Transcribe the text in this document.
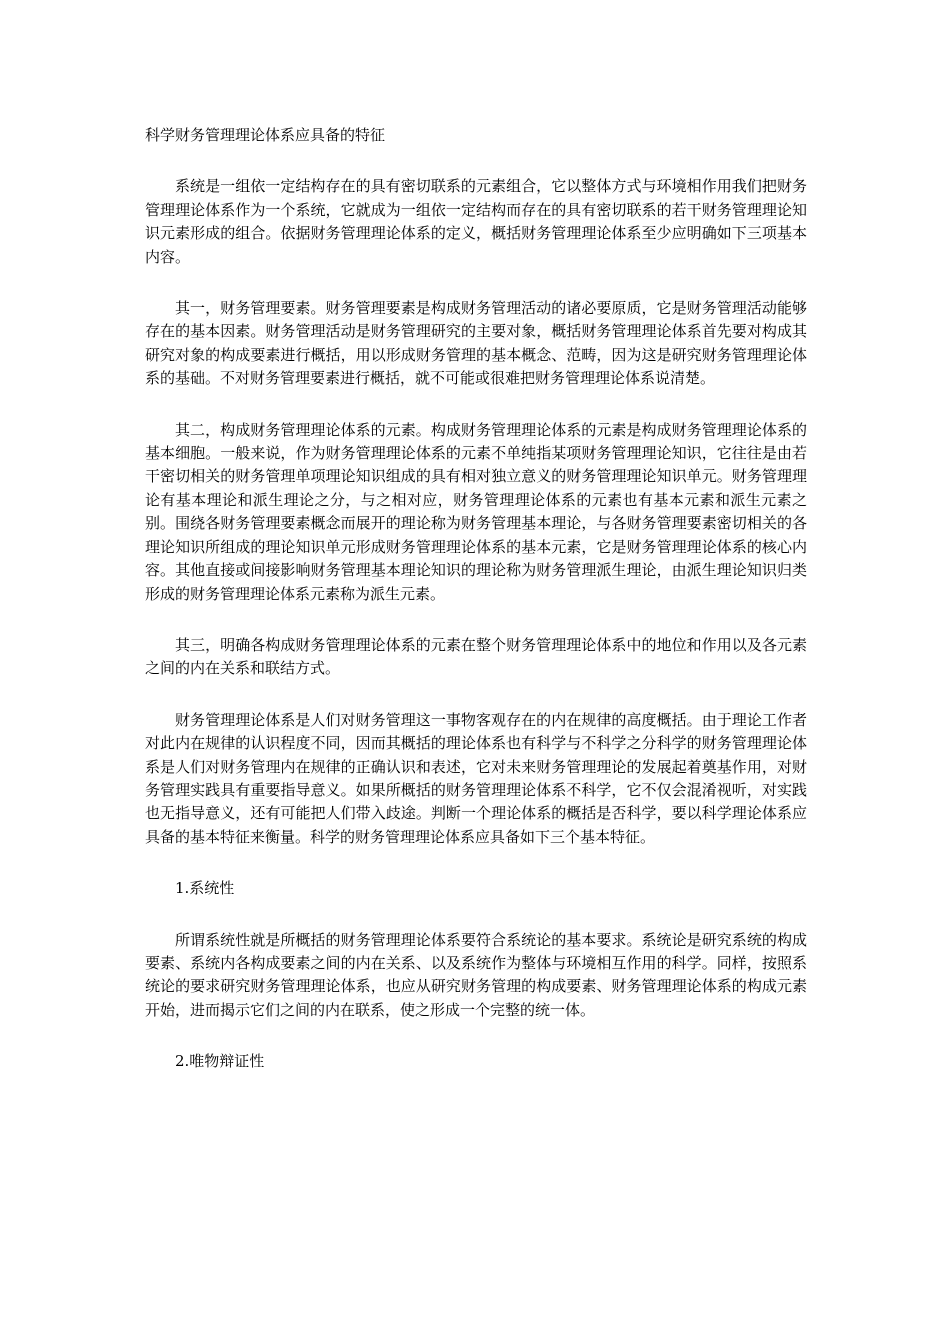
科学财务管理理论体系应具备的特征

系统是一组依一定结构存在的具有密切联系的元素组合，它以整体方式与环境相作用我们把财务管理理论体系作为一个系统，它就成为一组依一定结构而存在的具有密切联系的若干财务管理理论知识元素形成的组合。依据财务管理理论体系的定义，概括财务管理理论体系至少应明确如下三项基本内容。

其一，财务管理要素。财务管理要素是构成财务管理活动的诸必要原质，它是财务管理活动能够存在的基本因素。财务管理活动是财务管理研究的主要对象，概括财务管理理论体系首先要对构成其研究对象的构成要素进行概括，用以形成财务管理的基本概念、范畴，因为这是研究财务管理理论体系的基础。不对财务管理要素进行概括，就不可能或很难把财务管理理论体系说清楚。

其二，构成财务管理理论体系的元素。构成财务管理理论体系的元素是构成财务管理理论体系的基本细胞。一般来说，作为财务管理理论体系的元素不单纯指某项财务管理理论知识，它往往是由若干密切相关的财务管理单项理论知识组成的具有相对独立意义的财务管理理论知识单元。财务管理理论有基本理论和派生理论之分，与之相对应，财务管理理论体系的元素也有基本元素和派生元素之别。围绕各财务管理要素概念而展开的理论称为财务管理基本理论，与各财务管理要素密切相关的各理论知识所组成的理论知识单元形成财务管理理论体系的基本元素，它是财务管理理论体系的核心内容。其他直接或间接影响财务管理基本理论知识的理论称为财务管理派生理论，由派生理论知识归类形成的财务管理理论体系元素称为派生元素。

其三，明确各构成财务管理理论体系的元素在整个财务管理理论体系中的地位和作用以及各元素之间的内在关系和联结方式。

财务管理理论体系是人们对财务管理这一事物客观存在的内在规律的高度概括。由于理论工作者对此内在规律的认识程度不同，因而其概括的理论体系也有科学与不科学之分科学的财务管理理论体系是人们对财务管理内在规律的正确认识和表述，它对未来财务管理理论的发展起着奠基作用，对财务管理实践具有重要指导意义。如果所概括的财务管理理论体系不科学，它不仅会混淆视听，对实践也无指导意义，还有可能把人们带入歧途。判断一个理论体系的概括是否科学，要以科学理论体系应具备的基本特征来衡量。科学的财务管理理论体系应具备如下三个基本特征。

1.系统性

所谓系统性就是所概括的财务管理理论体系要符合系统论的基本要求。系统论是研究系统的构成要素、系统内各构成要素之间的内在关系、以及系统作为整体与环境相互作用的科学。同样，按照系统论的要求研究财务管理理论体系，也应从研究财务管理的构成要素、财务管理理论体系的构成元素开始，进而揭示它们之间的内在联系，使之形成一个完整的统一体。

2.唯物辩证性
